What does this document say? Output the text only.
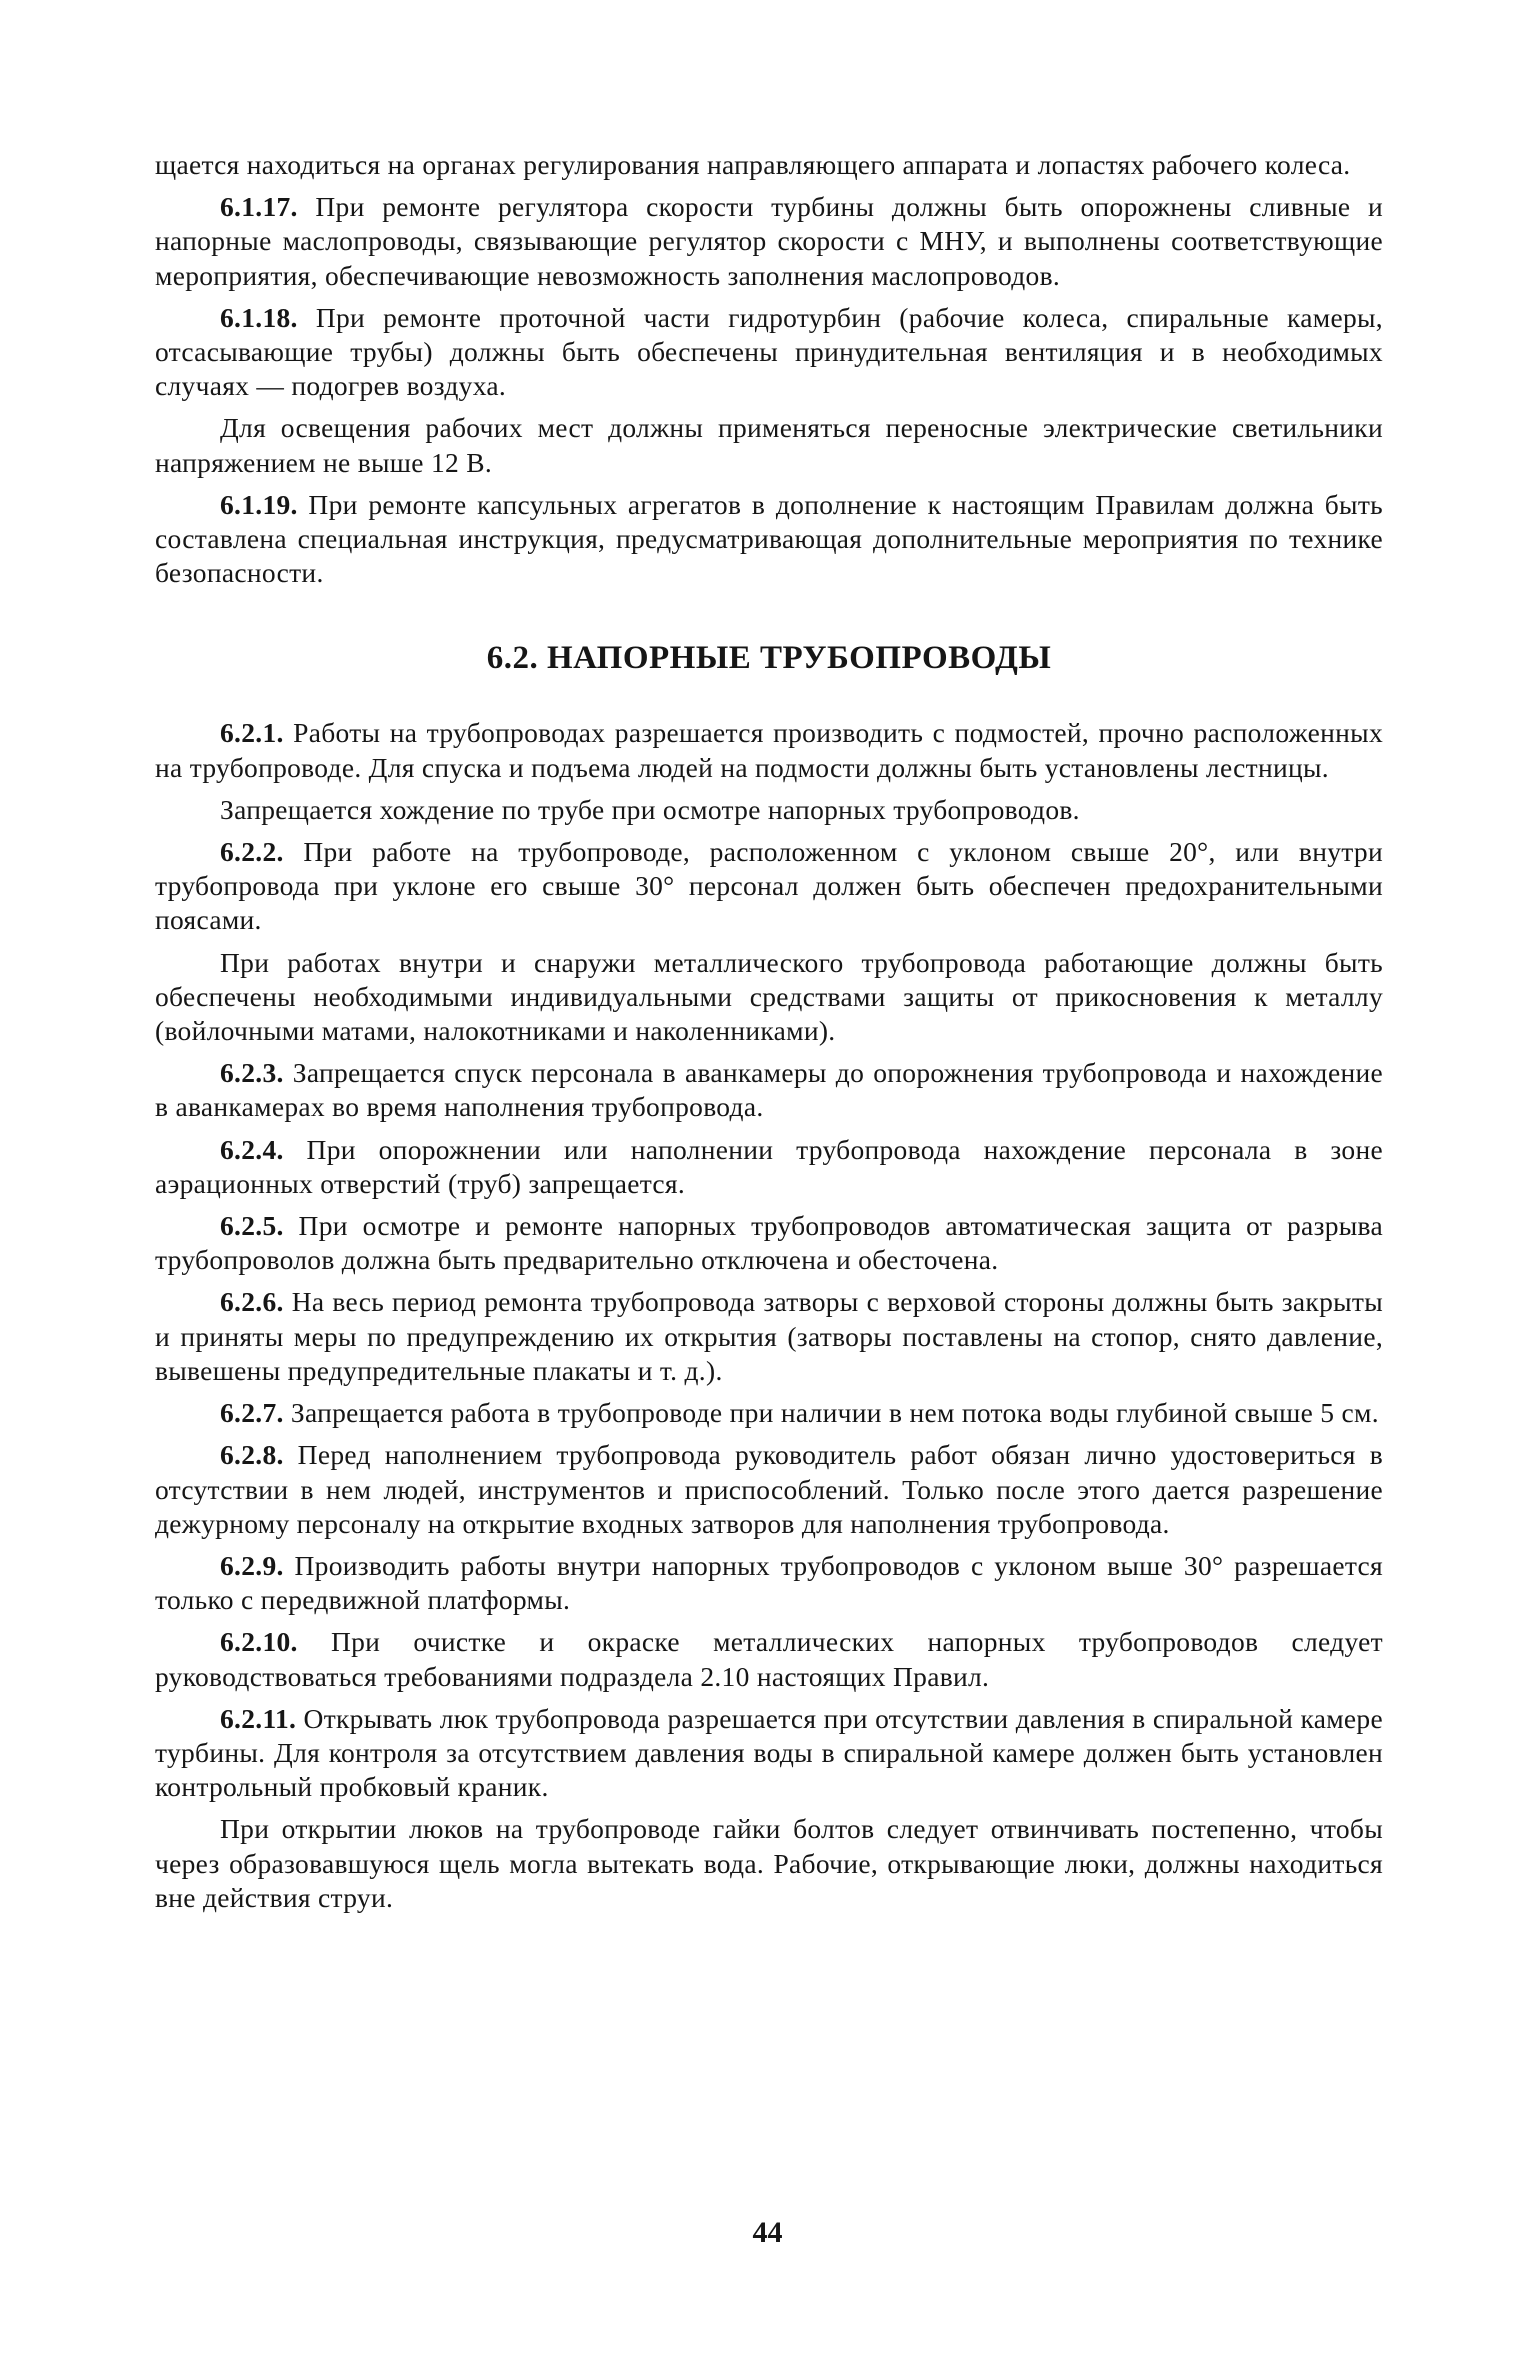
щается находиться на органах регулирования направляющего аппарата и лопастях рабочего колеса.

6.1.17. При ремонте регулятора скорости турбины должны быть опорожнены сливные и напорные маслопроводы, связывающие регулятор скорости с МНУ, и выполнены соответствующие мероприятия, обеспечивающие невозможность заполнения маслопроводов.

6.1.18. При ремонте проточной части гидротурбин (рабочие колеса, спиральные камеры, отсасывающие трубы) должны быть обеспечены принудительная вентиляция и в необходимых случаях — подогрев воздуха.

Для освещения рабочих мест должны применяться переносные электрические светильники напряжением не выше 12 В.

6.1.19. При ремонте капсульных агрегатов в дополнение к настоящим Правилам должна быть составлена специальная инструкция, предусматривающая дополнительные мероприятия по технике безопасности.

6.2. НАПОРНЫЕ ТРУБОПРОВОДЫ

6.2.1. Работы на трубопроводах разрешается производить с подмостей, прочно расположенных на трубопроводе. Для спуска и подъема людей на подмости должны быть установлены лестницы.

Запрещается хождение по трубе при осмотре напорных трубопроводов.

6.2.2. При работе на трубопроводе, расположенном с уклоном свыше 20°, или внутри трубопровода при уклоне его свыше 30° персонал должен быть обеспечен предохранительными поясами.

При работах внутри и снаружи металлического трубопровода работающие должны быть обеспечены необходимыми индивидуальными средствами защиты от прикосновения к металлу (войлочными матами, налокотниками и наколенниками).

6.2.3. Запрещается спуск персонала в аванкамеры до опорожнения трубопровода и нахождение в аванкамерах во время наполнения трубопровода.

6.2.4. При опорожнении или наполнении трубопровода нахождение персонала в зоне аэрационных отверстий (труб) запрещается.

6.2.5. При осмотре и ремонте напорных трубопроводов автоматическая защита от разрыва трубопроволов должна быть предварительно отключена и обесточена.

6.2.6. На весь период ремонта трубопровода затворы с верховой стороны должны быть закрыты и приняты меры по предупреждению их открытия (затворы поставлены на стопор, снято давление, вывешены предупредительные плакаты и т. д.).

6.2.7. Запрещается работа в трубопроводе при наличии в нем потока воды глубиной свыше 5 см.

6.2.8. Перед наполнением трубопровода руководитель работ обязан лично удостовериться в отсутствии в нем людей, инструментов и приспособлений. Только после этого дается разрешение дежурному персоналу на открытие входных затворов для наполнения трубопровода.

6.2.9. Производить работы внутри напорных трубопроводов с уклоном выше 30° разрешается только с передвижной платформы.

6.2.10. При очистке и окраске металлических напорных трубопроводов следует руководствоваться требованиями подраздела 2.10 настоящих Правил.

6.2.11. Открывать люк трубопровода разрешается при отсутствии давления в спиральной камере турбины. Для контроля за отсутствием давления воды в спиральной камере должен быть установлен контрольный пробковый краник.

При открытии люков на трубопроводе гайки болтов следует отвинчивать постепенно, чтобы через образовавшуюся щель могла вытекать вода. Рабочие, открывающие люки, должны находиться вне действия струи.

44
